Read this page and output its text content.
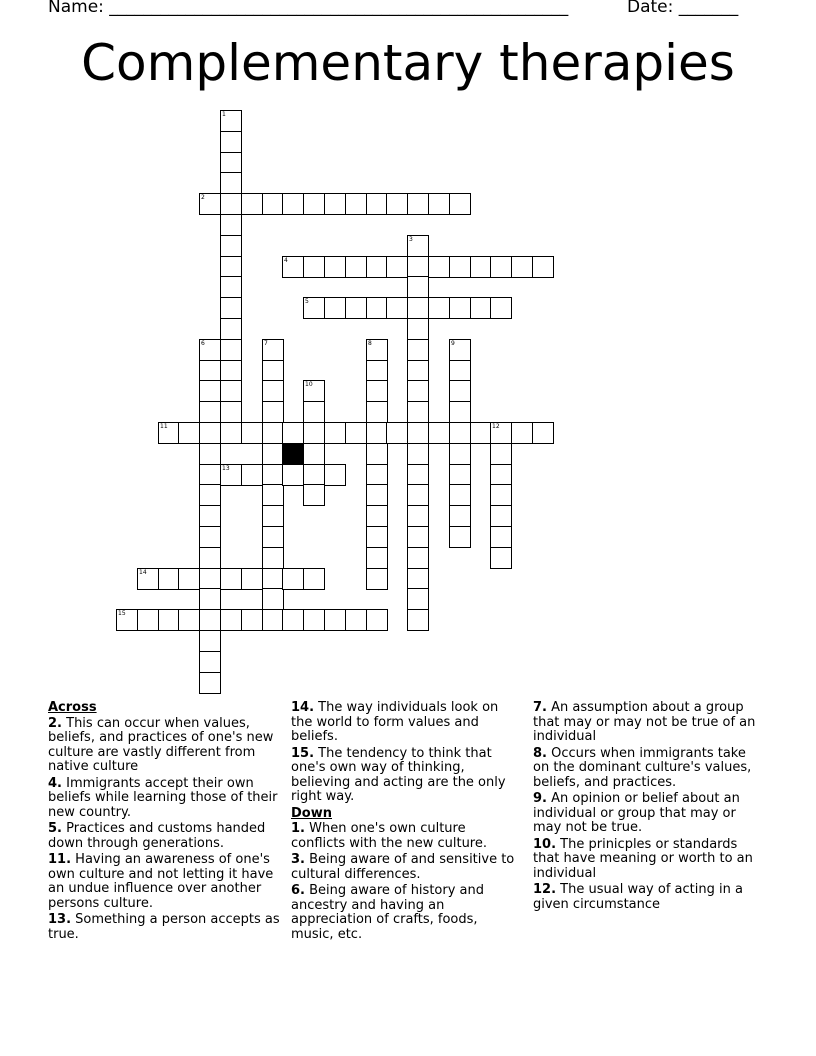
Name: ______________________________________________________	Date: _______
Complementary therapies
1
2
3
4
5
6	7	8	9
10
11	12
13
14
15
Across
2. This can occur when values, beliefs, and practices of one's new culture are vastly different from native culture
4. Immigrants accept their own beliefs while learning those of their new country.
5. Practices and customs handed down through generations.
11. Having an awareness of one's own culture and not letting it have an undue influence over another persons culture.
13. Something a person accepts as true.
14. The way individuals look on the world to form values and beliefs.
15. The tendency to think that one's own way of thinking, believing and acting are the only right way.
Down
1. When one's own culture conflicts with the new culture.
3. Being aware of and sensitive to cultural differences.
6. Being aware of history and ancestry and having an appreciation of crafts, foods, music, etc.
7. An assumption about a group that may or may not be true of an individual
8. Occurs when immigrants take on the dominant culture's values, beliefs, and practices.
9. An opinion or belief about an individual or group that may or may not be true.
10. The prinicples or standards that have meaning or worth to an individual
12. The usual way of acting in a given circumstance
